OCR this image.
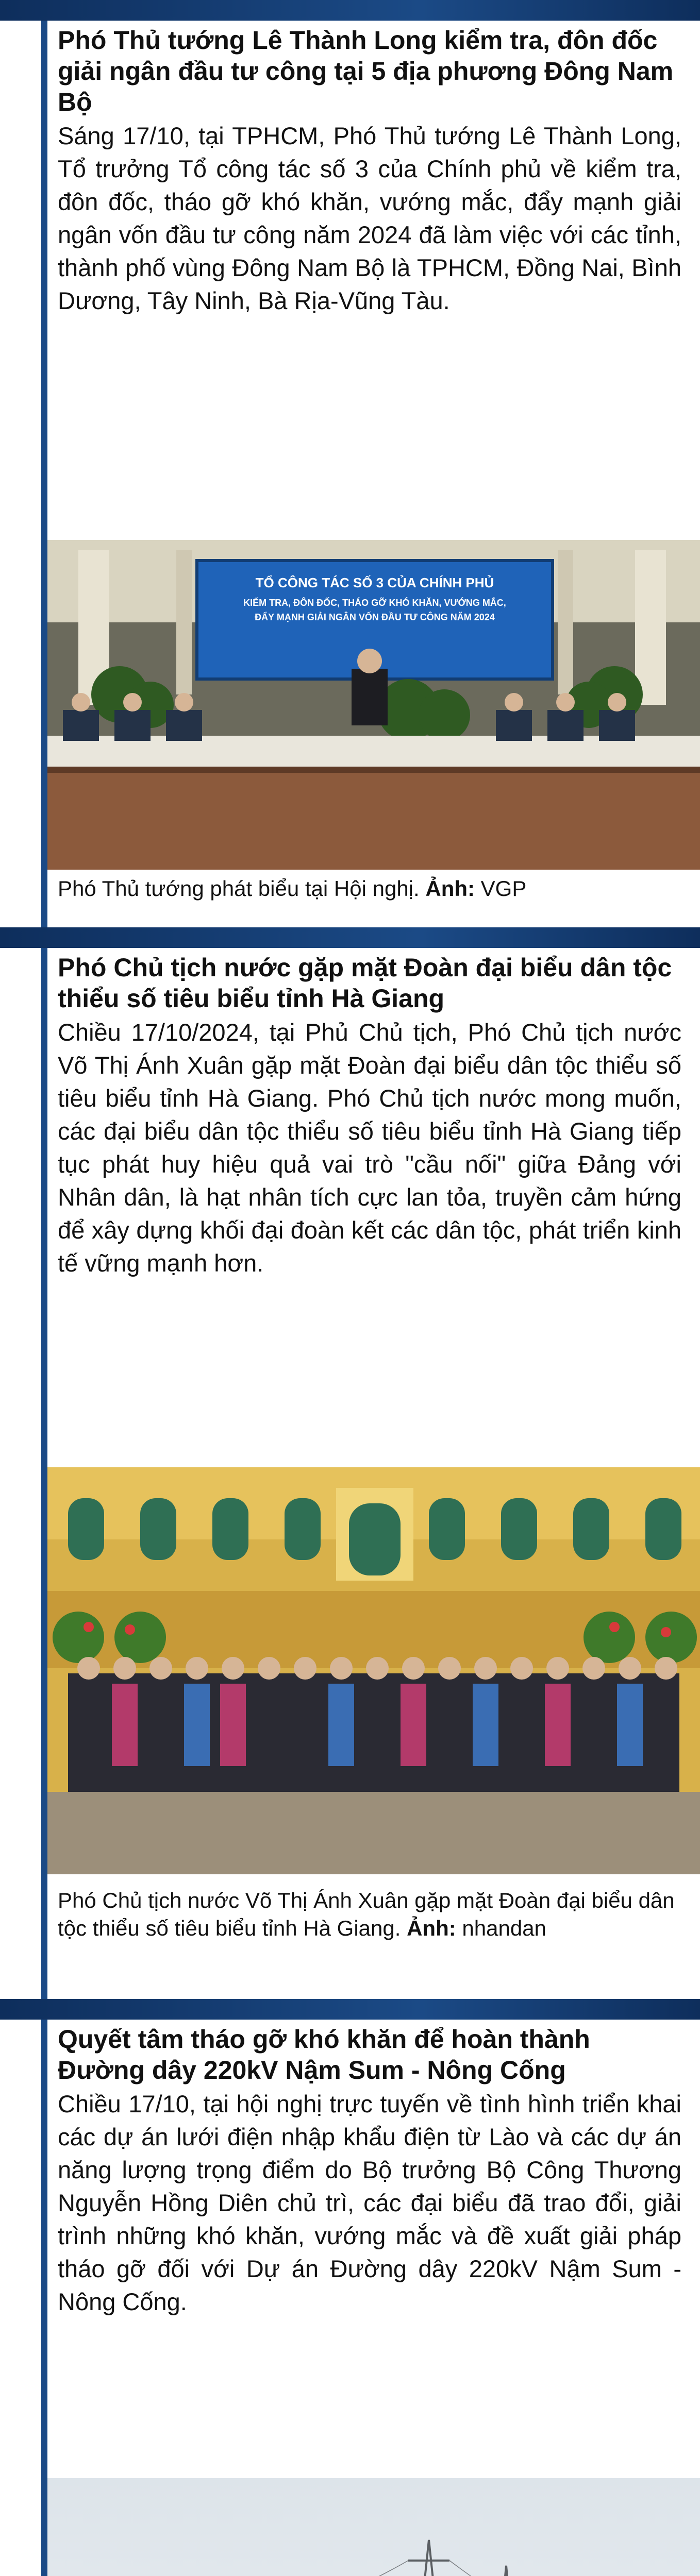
Phó Thủ tướng Lê Thành Long kiểm tra, đôn đốc giải ngân đầu tư công tại 5 địa phương Đông Nam Bộ

Sáng 17/10, tại TPHCM, Phó Thủ tướng Lê Thành Long, Tổ trưởng Tổ công tác số 3 của Chính phủ về kiểm tra, đôn đốc, tháo gỡ khó khăn, vướng mắc, đẩy mạnh giải ngân vốn đầu tư công năm 2024 đã làm việc với các tỉnh, thành phố vùng Đông Nam Bộ là TPHCM, Đồng Nai, Bình Dương, Tây Ninh, Bà Rịa-Vũng Tàu.

TỔ CÔNG TÁC SỐ 3 CỦA CHÍNH PHỦ
KIỂM TRA, ĐÔN ĐỐC, THÁO GỠ KHÓ KHĂN, VƯỚNG MẮC,
ĐẨY MẠNH GIẢI NGÂN VỐN ĐẦU TƯ CÔNG NĂM 2024
Phó Thủ tướng phát biểu tại Hội nghị. Ảnh: VGP
Phó Chủ tịch nước gặp mặt Đoàn đại biểu dân tộc thiểu số tiêu biểu tỉnh Hà Giang

Chiều 17/10/2024, tại Phủ Chủ tịch, Phó Chủ tịch nước Võ Thị Ánh Xuân gặp mặt Đoàn đại biểu dân tộc thiểu số tiêu biểu tỉnh Hà Giang. Phó Chủ tịch nước mong muốn, các đại biểu dân tộc thiểu số tiêu biểu tỉnh Hà Giang tiếp tục phát huy hiệu quả vai trò "cầu nối" giữa Đảng với Nhân dân, là hạt nhân tích cực lan tỏa, truyền cảm hứng để xây dựng khối đại đoàn kết các dân tộc, phát triển kinh tế vững mạnh hơn.

Phó Chủ tịch nước Võ Thị Ánh Xuân gặp mặt Đoàn đại biểu dân tộc thiểu số tiêu biểu tỉnh Hà Giang. Ảnh: nhandan
Quyết tâm tháo gỡ khó khăn để hoàn thành Đường dây 220kV Nậm Sum - Nông Cống

Chiều 17/10, tại hội nghị trực tuyến về tình hình triển khai các dự án lưới điện nhập khẩu điện từ Lào và các dự án năng lượng trọng điểm do Bộ trưởng Bộ Công Thương Nguyễn Hồng Diên chủ trì, các đại biểu đã trao đổi, giải trình những khó khăn, vướng mắc và đề xuất giải pháp tháo gỡ đối với Dự án Đường dây 220kV Nậm Sum - Nông Cống.
